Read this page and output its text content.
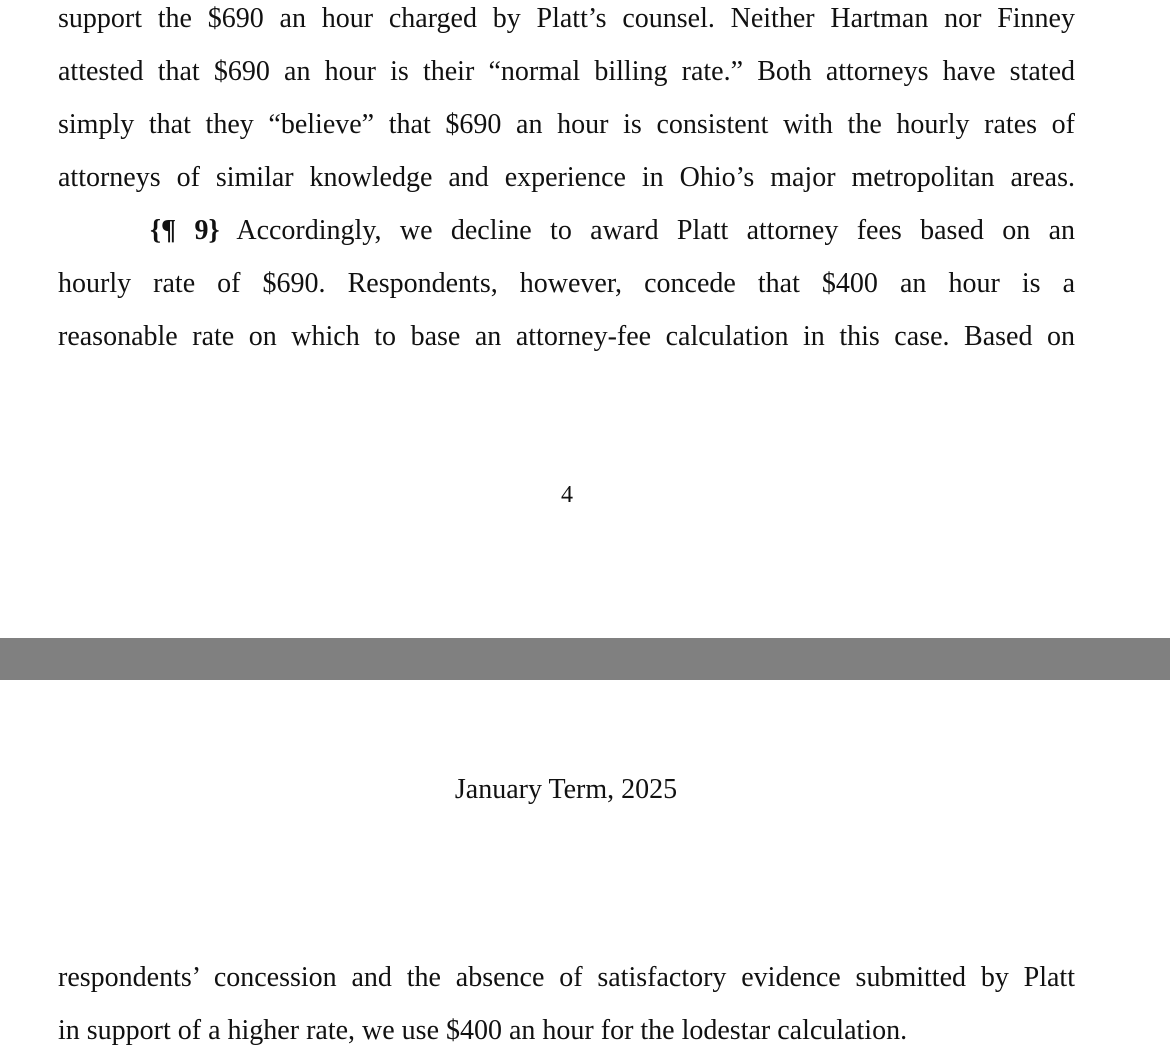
support the $690 an hour charged by Platt’s counsel. Neither Hartman nor Finney
attested that $690 an hour is their “normal billing rate.” Both attorneys have stated
simply that they “believe” that $690 an hour is consistent with the hourly rates of
attorneys of similar knowledge and experience in Ohio’s major metropolitan areas.
{¶ 9} Accordingly, we decline to award Platt attorney fees based on an
hourly rate of $690. Respondents, however, concede that $400 an hour is a
reasonable rate on which to base an attorney-fee calculation in this case. Based on
4
January Term, 2025
respondents’ concession and the absence of satisfactory evidence submitted by Platt
in support of a higher rate, we use $400 an hour for the lodestar calculation.
